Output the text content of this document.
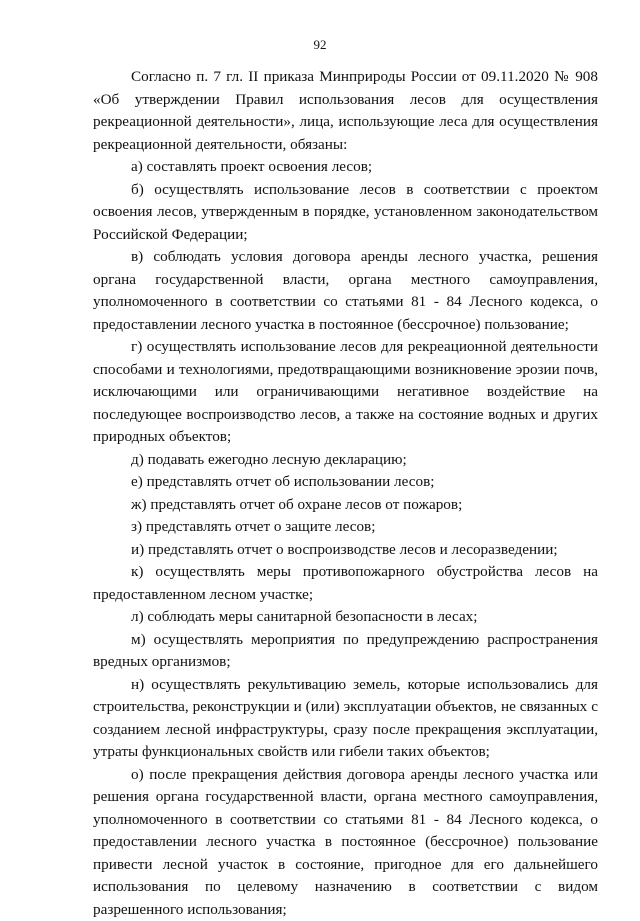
92

Согласно п. 7 гл. II приказа Минприроды России от 09.11.2020 № 908 «Об утверждении Правил использования лесов для осуществления рекреационной деятельности», лица, использующие леса для осуществления рекреационной деятельности, обязаны:

а) составлять проект освоения лесов;

б) осуществлять использование лесов в соответствии с проектом освоения лесов, утвержденным в порядке, установленном законодательством Российской Федерации;

в) соблюдать условия договора аренды лесного участка, решения органа государственной власти, органа местного самоуправления, уполномоченного в соответствии со статьями 81 - 84 Лесного кодекса, о предоставлении лесного участка в постоянное (бессрочное) пользование;

г) осуществлять использование лесов для рекреационной деятельности способами и технологиями, предотвращающими возникновение эрозии почв, исключающими или ограничивающими негативное воздействие на последующее воспроизводство лесов, а также на состояние водных и других природных объектов;

д) подавать ежегодно лесную декларацию;

е) представлять отчет об использовании лесов;

ж) представлять отчет об охране лесов от пожаров;

з) представлять отчет о защите лесов;

и) представлять отчет о воспроизводстве лесов и лесоразведении;

к) осуществлять меры противопожарного обустройства лесов на предоставленном лесном участке;

л) соблюдать меры санитарной безопасности в лесах;

м) осуществлять мероприятия по предупреждению распространения вредных организмов;

н) осуществлять рекультивацию земель, которые использовались для строительства, реконструкции и (или) эксплуатации объектов, не связанных с созданием лесной инфраструктуры, сразу после прекращения эксплуатации, утраты функциональных свойств или гибели таких объектов;

о) после прекращения действия договора аренды лесного участка или решения органа государственной власти, органа местного самоуправления, уполномоченного в соответствии со статьями 81 - 84 Лесного кодекса, о предоставлении лесного участка в постоянное (бессрочное) пользование привести лесной участок в состояние, пригодное для его дальнейшего использования по целевому назначению в соответствии с видом разрешенного использования;
